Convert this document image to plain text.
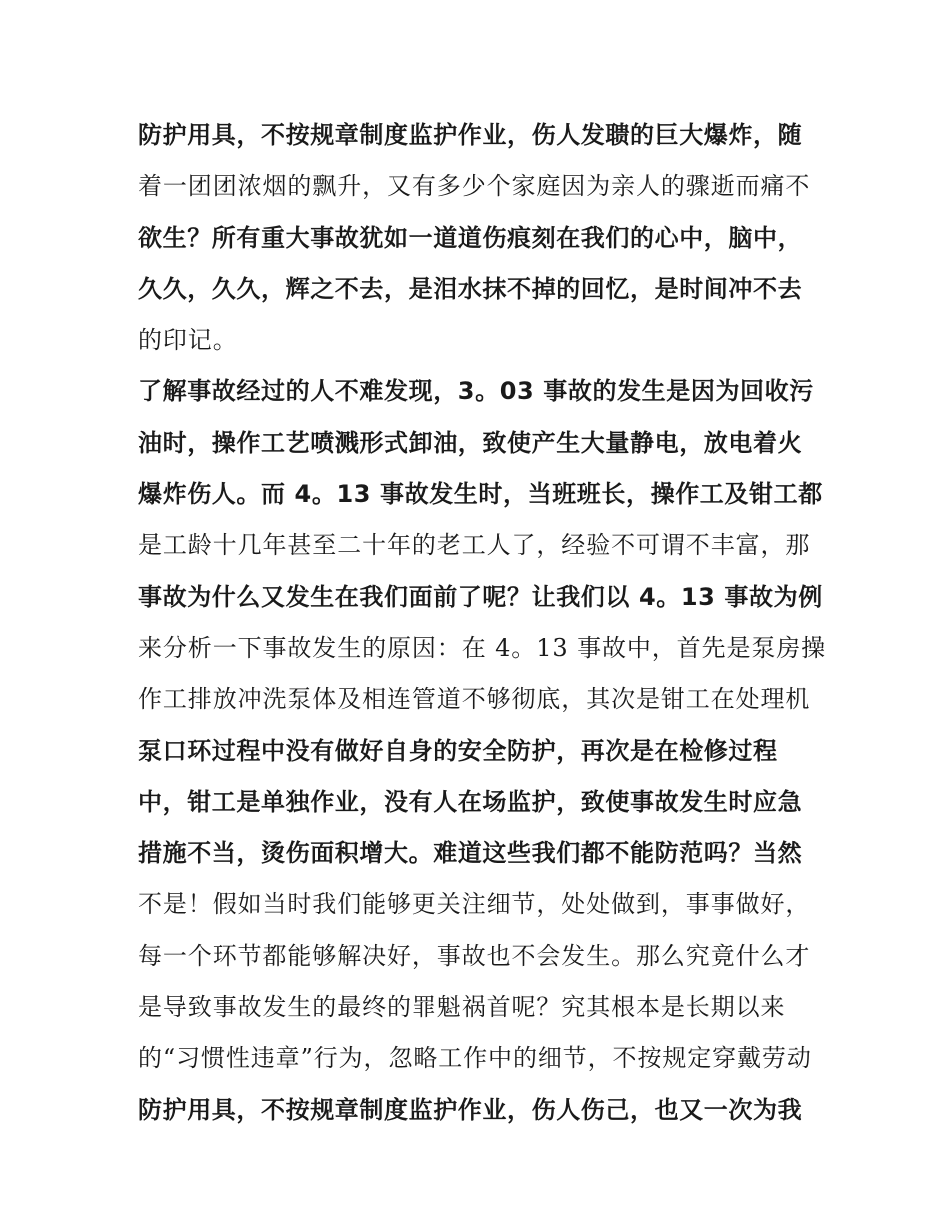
防护用具，不按规章制度监护作业，伤人发聩的巨大爆炸，随
着一团团浓烟的飘升，又有多少个家庭因为亲人的骤逝而痛不
欲生？所有重大事故犹如一道道伤痕刻在我们的心中，脑中，
久久，久久，辉之不去，是泪水抹不掉的回忆，是时间冲不去
的印记。
了解事故经过的人不难发现，3。03 事故的发生是因为回收污
油时，操作工艺喷溅形式卸油，致使产生大量静电，放电着火
爆炸伤人。而 4。13 事故发生时，当班班长，操作工及钳工都
是工龄十几年甚至二十年的老工人了，经验不可谓不丰富，那
事故为什么又发生在我们面前了呢？让我们以 4。13 事故为例
来分析一下事故发生的原因：在 4。13 事故中，首先是泵房操
作工排放冲洗泵体及相连管道不够彻底，其次是钳工在处理机
泵口环过程中没有做好自身的安全防护，再次是在检修过程
中，钳工是单独作业，没有人在场监护，致使事故发生时应急
措施不当，烫伤面积增大。难道这些我们都不能防范吗？当然
不是！假如当时我们能够更关注细节，处处做到，事事做好，
每一个环节都能够解决好，事故也不会发生。那么究竟什么才
是导致事故发生的最终的罪魁祸首呢？究其根本是长期以来
的“习惯性违章”行为，忽略工作中的细节，不按规定穿戴劳动
防护用具，不按规章制度监护作业，伤人伤己，也又一次为我
